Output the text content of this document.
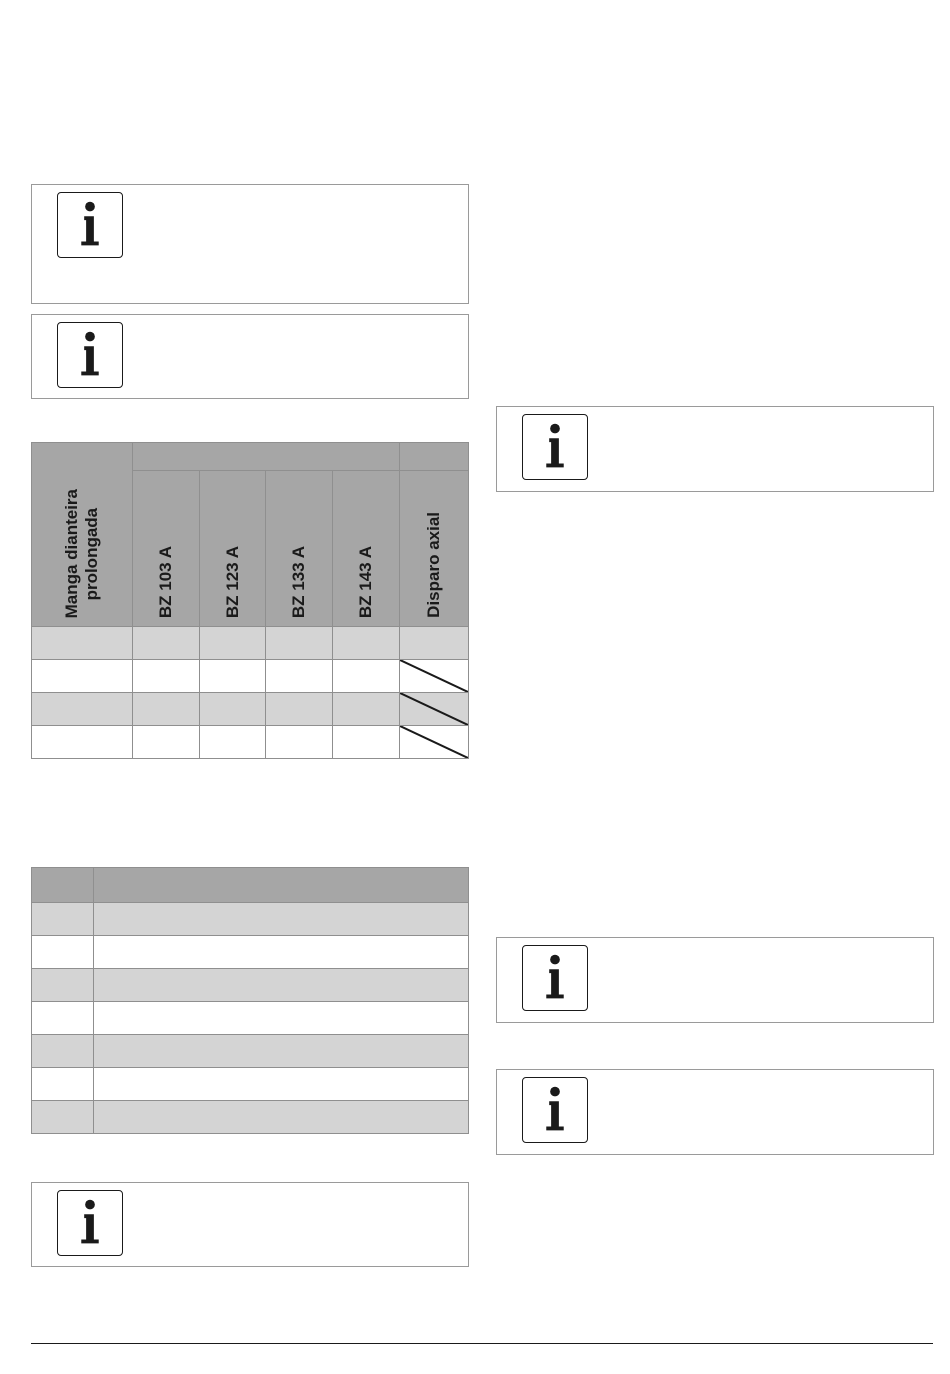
Manga dianteira
prolongada					

	BZ 103 A	BZ 123 A	BZ 133 A	BZ 143 A	Disparo axial
